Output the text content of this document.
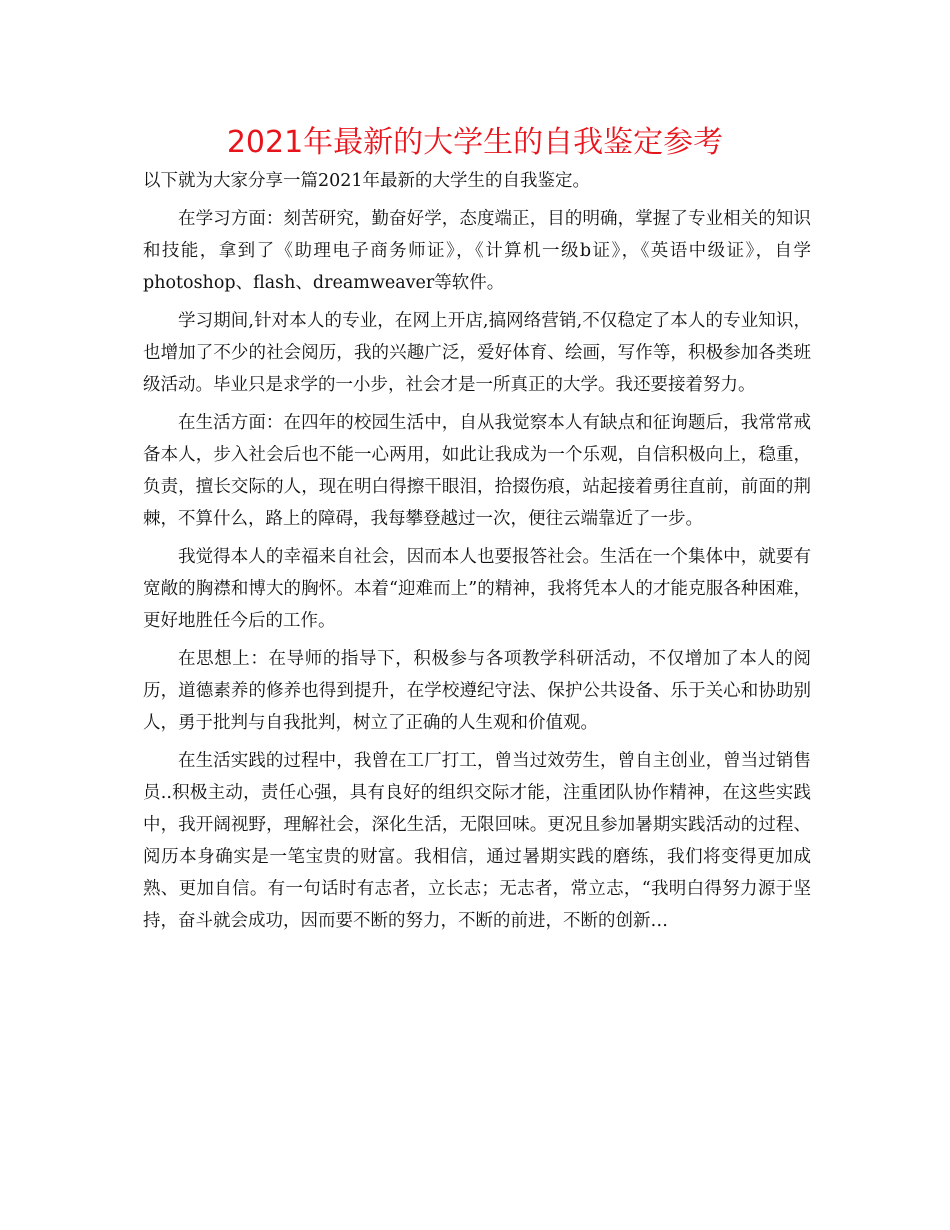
2021年最新的大学生的自我鉴定参考

以下就为大家分享一篇2021年最新的大学生的自我鉴定。

在学习方面：刻苦研究，勤奋好学，态度端正，目的明确，掌握了专业相关的知识和技能，拿到了《助理电子商务师证》，《计算机一级b证》，《英语中级证》，自学photoshop、flash、dreamweaver等软件。

学习期间,针对本人的专业，在网上开店,搞网络营销,不仅稳定了本人的专业知识，也增加了不少的社会阅历，我的兴趣广泛，爱好体育、绘画，写作等，积极参加各类班级活动。毕业只是求学的一小步，社会才是一所真正的大学。我还要接着努力。

在生活方面：在四年的校园生活中，自从我觉察本人有缺点和征询题后，我常常戒备本人，步入社会后也不能一心两用，如此让我成为一个乐观，自信积极向上，稳重，负责，擅长交际的人，现在明白得擦干眼泪，拾掇伤痕，站起接着勇往直前，前面的荆棘，不算什么，路上的障碍，我每攀登越过一次，便往云端靠近了一步。

我觉得本人的幸福来自社会，因而本人也要报答社会。生活在一个集体中，就要有宽敞的胸襟和博大的胸怀。本着“迎难而上”的精神，我将凭本人的才能克服各种困难，更好地胜任今后的工作。

在思想上：在导师的指导下，积极参与各项教学科研活动，不仅增加了本人的阅历，道德素养的修养也得到提升，在学校遵纪守法、保护公共设备、乐于关心和协助别人，勇于批判与自我批判，树立了正确的人生观和价值观。

在生活实践的过程中，我曾在工厂打工，曾当过效劳生，曾自主创业，曾当过销售员..积极主动，责任心强，具有良好的组织交际才能，注重团队协作精神，在这些实践中，我开阔视野，理解社会，深化生活，无限回味。更况且参加暑期实践活动的过程、阅历本身确实是一笔宝贵的财富。我相信，通过暑期实践的磨练，我们将变得更加成熟、更加自信。有一句话时有志者，立长志；无志者，常立志，“我明白得努力源于坚持，奋斗就会成功，因而要不断的努力，不断的前进，不断的创新…
